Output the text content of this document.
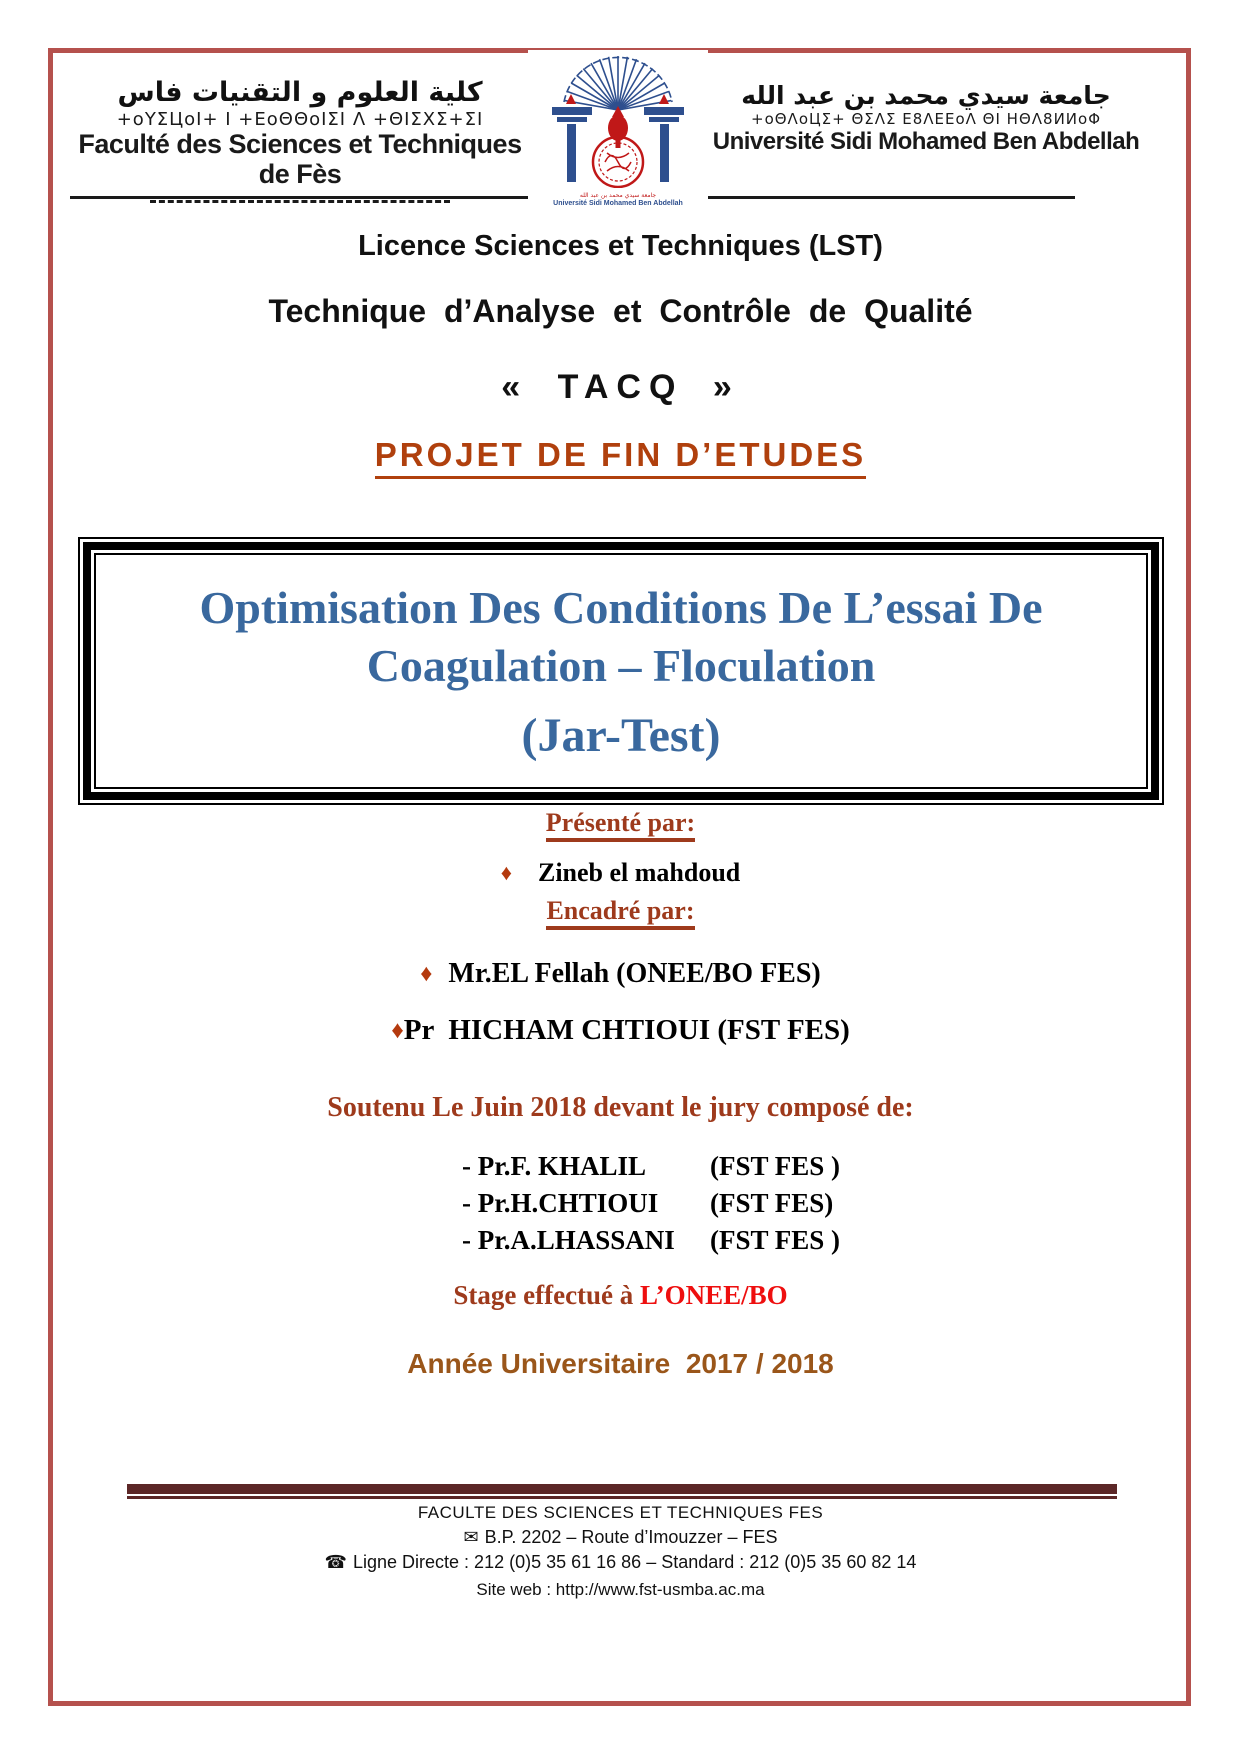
كلية العلوم و التقنيات فاس
+oYΣЦoI+ I +ΕoΘΘoIΣI Λ +ΘIΣΧΣ+ΣI
Faculté des Sciences et Techniques de Fès
جامعة سيدي محمد بن عبد الله
+oΘΛoЦΣ+ ΘΣΛΣ Ε8ΛΕΕoΛ ΘΙ ΗΘΛ8ИИoΦ
Université Sidi Mohamed Ben Abdellah
جامعة سيدي محمد بن عبد الله
Université Sidi Mohamed Ben Abdellah
Licence Sciences et Techniques (LST)
Technique d’Analyse et Contrôle de Qualité
« TACQ »
PROJET DE FIN D’ETUDES
Optimisation Des Conditions De L’essai De
Coagulation – Floculation
(Jar-Test)
Présenté par:
♦ Zineb el mahdoud
Encadré par:
♦ Mr.EL Fellah (ONEE/BO FES)
♦Pr  HICHAM CHTIOUI (FST FES)
Soutenu Le Juin 2018 devant le jury composé de:
- Pr.F. KHALIL	(FST FES )
- Pr.H.CHTIOUI	(FST FES)
- Pr.A.LHASSANI	(FST FES )
Stage effectué à L’ONEE/BO
Année Universitaire  2017 / 2018
FACULTE DES SCIENCES ET TECHNIQUES FES
✉ B.P. 2202 – Route d’Imouzzer – FES
☎ Ligne Directe : 212 (0)5 35 61 16 86 – Standard : 212 (0)5 35 60 82 14
Site web : http://www.fst-usmba.ac.ma
